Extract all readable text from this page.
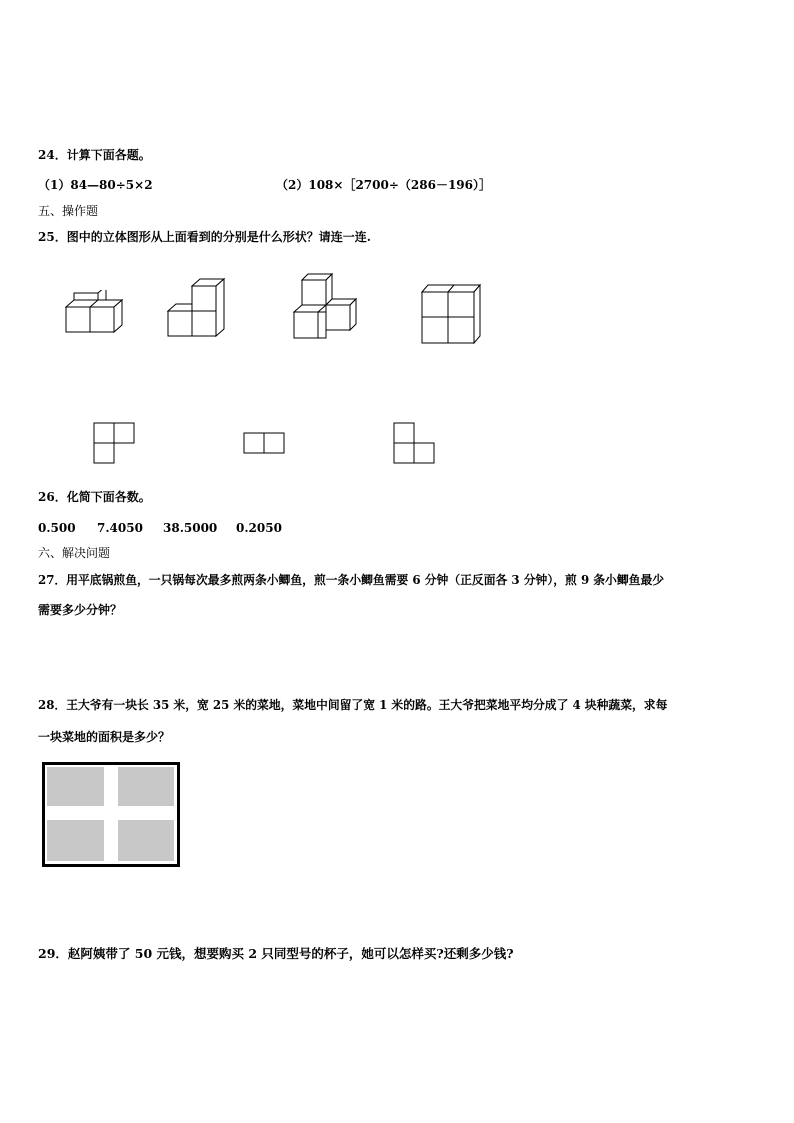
24．计算下面各题。
（1）84—80÷5×2	（2）108×［2700÷（286－196）］
五、操作题
25．图中的立体图形从上面看到的分别是什么形状？请连一连.
26．化简下面各数。
0.500 7.4050 38.5000 0.2050
六、解决问题
27．用平底锅煎鱼，一只锅每次最多煎两条小鲫鱼，煎一条小鲫鱼需要 6 分钟（正反面各 3 分钟），煎 9 条小鲫鱼最少
需要多少分钟？
28．王大爷有一块长 35 米，宽 25 米的菜地，菜地中间留了宽 1 米的路。王大爷把菜地平均分成了 4 块种蔬菜，求每
一块菜地的面积是多少？
29．赵阿姨带了 50 元钱，想要购买 2 只同型号的杯子，她可以怎样买?还剩多少钱?
